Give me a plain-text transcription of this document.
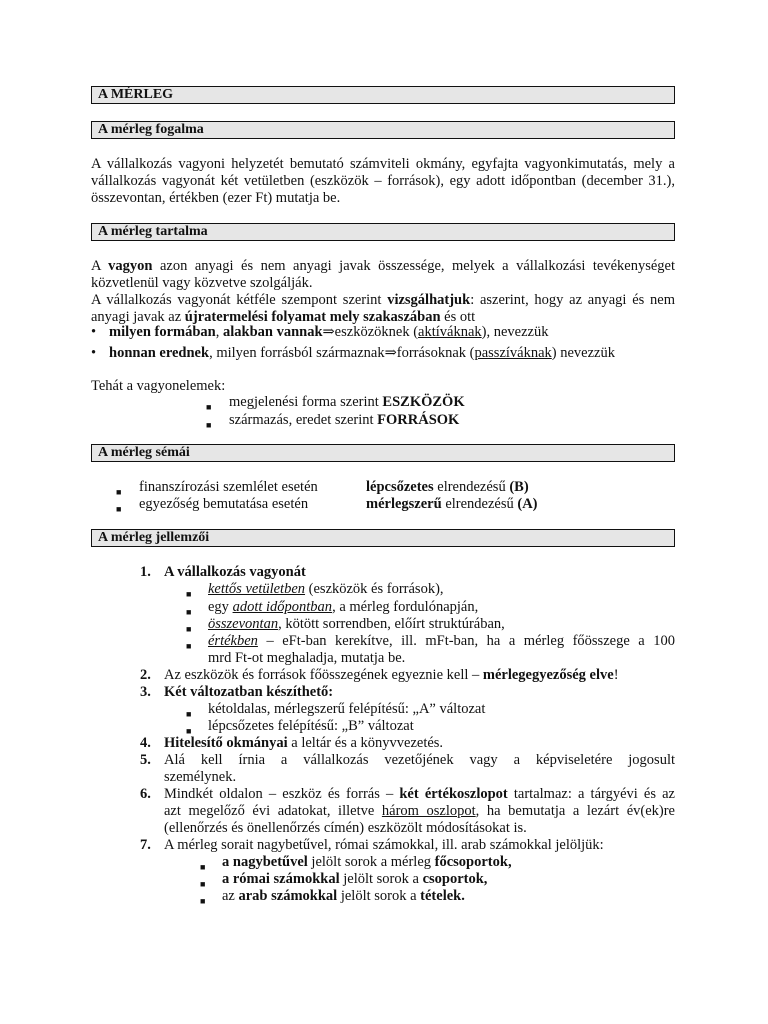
A MÉRLEG
A mérleg fogalma
A vállalkozás vagyoni helyzetét bemutató számviteli okmány, egyfajta vagyonkimutatás, mely a vállalkozás vagyonát két vetületben (eszközök – források), egy adott időpontban (december 31.), összevontan, értékben (ezer Ft) mutatja be.
A mérleg tartalma
A vagyon azon anyagi és nem anyagi javak összessége, melyek a vállalkozási tevékenységet közvetlenül vagy közvetve szolgálják.
A vállalkozás vagyonát kétféle szempont szerint vizsgálhatjuk: aszerint, hogy az anyagi és nem anyagi javak az újratermelési folyamat mely szakaszában és ott
• milyen formában, alakban vannak⇒eszközöknek (aktíváknak), nevezzük
• honnan erednek, milyen forrásból származnak⇒forrásoknak (passzíváknak) nevezzük
Tehát a vagyonelemek:
■ megjelenési forma szerint ESZKÖZÖK
■ származás, eredet szerint FORRÁSOK
A mérleg sémái
■ finanszírozási szemlélet esetén	lépcsőzetes elrendezésű (B)
■ egyezőség bemutatása esetén	mérlegszerű elrendezésű (A)
A mérleg jellemzői
1. A vállalkozás vagyonát
■ kettős vetületben (eszközök és források),
■ egy adott időpontban, a mérleg fordulónapján,
■ összevontan, kötött sorrendben, előírt struktúrában,
■ értékben – eFt-ban kerekítve, ill. mFt-ban, ha a mérleg főösszege a 100
mrd Ft-ot meghaladja, mutatja be.
2. Az eszközök és források főösszegének egyeznie kell – mérlegegyezőség elve!
3. Két változatban készíthető:
■ kétoldalas, mérlegszerű felépítésű: „A” változat
■ lépcsőzetes felépítésű: „B” változat
4. Hitelesítő okmányai a leltár és a könyvvezetés.
5. Alá kell írnia a vállalkozás vezetőjének vagy a képviseletére jogosult
személynek.
6. Mindkét oldalon – eszköz és forrás – két értékoszlopot tartalmaz: a tárgyévi és az
azt megelőző évi adatokat, illetve három oszlopot, ha bemutatja a lezárt év(ek)re
(ellenőrzés és önellenőrzés címén) eszközölt módosításokat is.
7. A mérleg sorait nagybetűvel, római számokkal, ill. arab számokkal jelöljük:
■ a nagybetűvel jelölt sorok a mérleg főcsoportok,
■ a római számokkal jelölt sorok a csoportok,
■ az arab számokkal jelölt sorok a tételek.
